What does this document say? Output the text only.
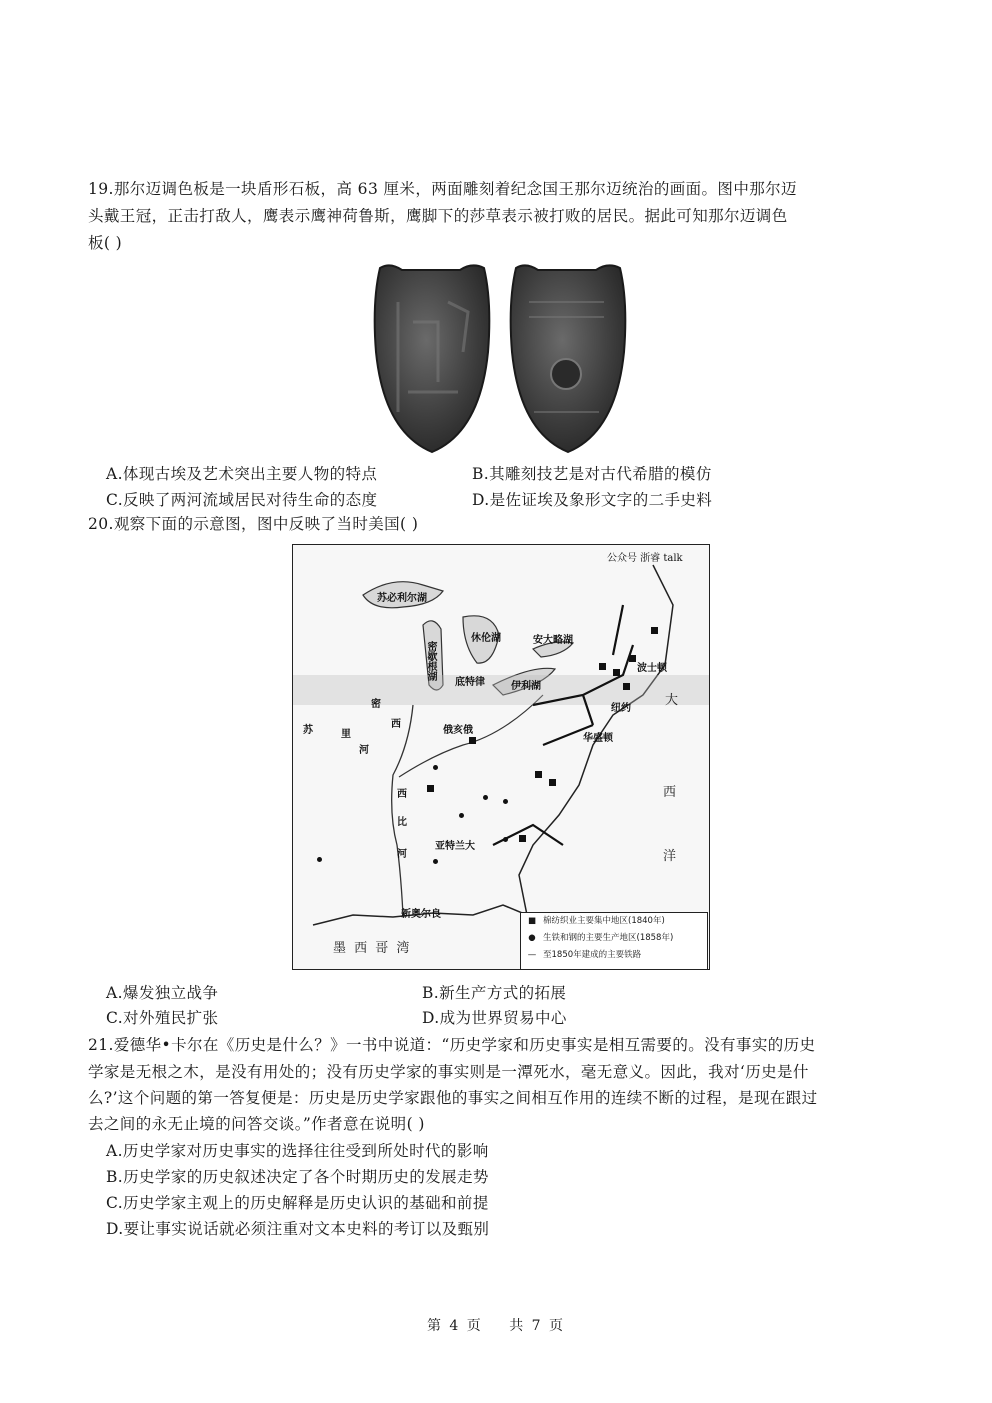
19.那尔迈调色板是一块盾形石板，高 63 厘米，两面雕刻着纪念国王那尔迈统治的画面。图中那尔迈

头戴王冠，正击打敌人，鹰表示鹰神荷鲁斯，鹰脚下的莎草表示被打败的居民。据此可知那尔迈调色

板( )

A.体现古埃及艺术突出主要人物的特点	B.其雕刻技艺是对古代希腊的模仿
C.反映了两河流域居民对待生命的态度	D.是佐证埃及象形文字的二手史料

20.观察下面的示意图，图中反映了当时美国( )

苏必利尔湖
密歇根湖
休伦湖	安大略湖
伊利湖
底特律
波士顿
纽约
华盛顿
亚特兰大
新奥尔良
俄亥俄
苏	里
河
密
西
西
比
河
大
西
洋
墨 西 哥 湾
公众号 浙睿 talk
■ 棉纺织业主要集中地区(1840年)
● 生铁和钢的主要生产地区(1858年)
— 至1850年建成的主要铁路
A.爆发独立战争	B.新生产方式的拓展
C.对外殖民扩张	D.成为世界贸易中心

21.爱德华•卡尔在《历史是什么？》一书中说道：“历史学家和历史事实是相互需要的。没有事实的历史

学家是无根之木，是没有用处的；没有历史学家的事实则是一潭死水，毫无意义。因此，我对‘历史是什

么?’这个问题的第一答复便是：历史是历史学家跟他的事实之间相互作用的连续不断的过程，是现在跟过

去之间的永无止境的问答交谈。”作者意在说明( )

A.历史学家对历史事实的选择往往受到所处时代的影响
B.历史学家的历史叙述决定了各个时期历史的发展走势
C.历史学家主观上的历史解释是历史认识的基础和前提
D.要让事实说话就必须注重对文本史料的考订以及甄别
第 4 页 共 7 页
